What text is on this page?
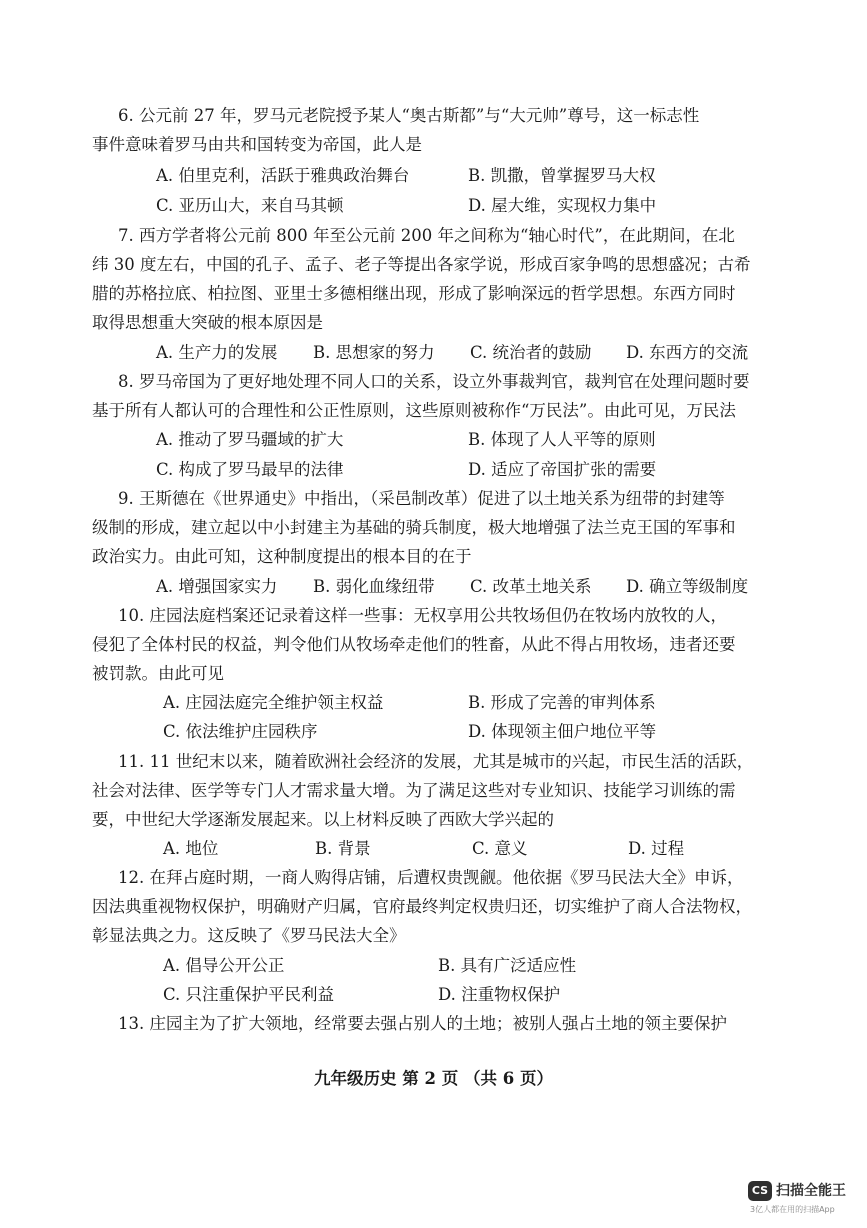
6. 公元前 27 年，罗马元老院授予某人“奥古斯都”与“大元帅”尊号，这一标志性
事件意味着罗马由共和国转变为帝国，此人是
A. 伯里克利，活跃于雅典政治舞台	B. 凯撒，曾掌握罗马大权
C. 亚历山大，来自马其顿	D. 屋大维，实现权力集中
7. 西方学者将公元前 800 年至公元前 200 年之间称为“轴心时代”，在此期间，在北
纬 30 度左右，中国的孔子、孟子、老子等提出各家学说，形成百家争鸣的思想盛况；古希
腊的苏格拉底、柏拉图、亚里士多德相继出现，形成了影响深远的哲学思想。东西方同时
取得思想重大突破的根本原因是
A. 生产力的发展 B. 思想家的努力 C. 统治者的鼓励 D. 东西方的交流
8. 罗马帝国为了更好地处理不同人口的关系，设立外事裁判官，裁判官在处理问题时要
基于所有人都认可的合理性和公正性原则，这些原则被称作“万民法”。由此可见，万民法
A. 推动了罗马疆域的扩大	B. 体现了人人平等的原则
C. 构成了罗马最早的法律	D. 适应了帝国扩张的需要
9. 王斯德在《世界通史》中指出，（采邑制改革）促进了以土地关系为纽带的封建等
级制的形成，建立起以中小封建主为基础的骑兵制度，极大地增强了法兰克王国的军事和
政治实力。由此可知，这种制度提出的根本目的在于
A. 增强国家实力 B. 弱化血缘纽带 C. 改革土地关系 D. 确立等级制度
10. 庄园法庭档案还记录着这样一些事：无权享用公共牧场但仍在牧场内放牧的人，
侵犯了全体村民的权益，判令他们从牧场牵走他们的牲畜，从此不得占用牧场，违者还要
被罚款。由此可见
A. 庄园法庭完全维护领主权益	B. 形成了完善的审判体系
C. 依法维护庄园秩序	D. 体现领主佃户地位平等
11. 11 世纪末以来，随着欧洲社会经济的发展，尤其是城市的兴起，市民生活的活跃，
社会对法律、医学等专门人才需求量大增。为了满足这些对专业知识、技能学习训练的需
要，中世纪大学逐渐发展起来。以上材料反映了西欧大学兴起的
A. 地位	B. 背景	C. 意义	D. 过程
12. 在拜占庭时期，一商人购得店铺，后遭权贵觊觎。他依据《罗马民法大全》申诉，
因法典重视物权保护，明确财产归属，官府最终判定权贵归还，切实维护了商人合法物权，
彰显法典之力。这反映了《罗马民法大全》
A. 倡导公开公正	B. 具有广泛适应性
C. 只注重保护平民利益	D. 注重物权保护
13. 庄园主为了扩大领地，经常要去强占别人的土地；被别人强占土地的领主要保护
九年级历史 第 2 页 （共 6 页）
CS 扫描全能王
3亿人都在用的扫描App
